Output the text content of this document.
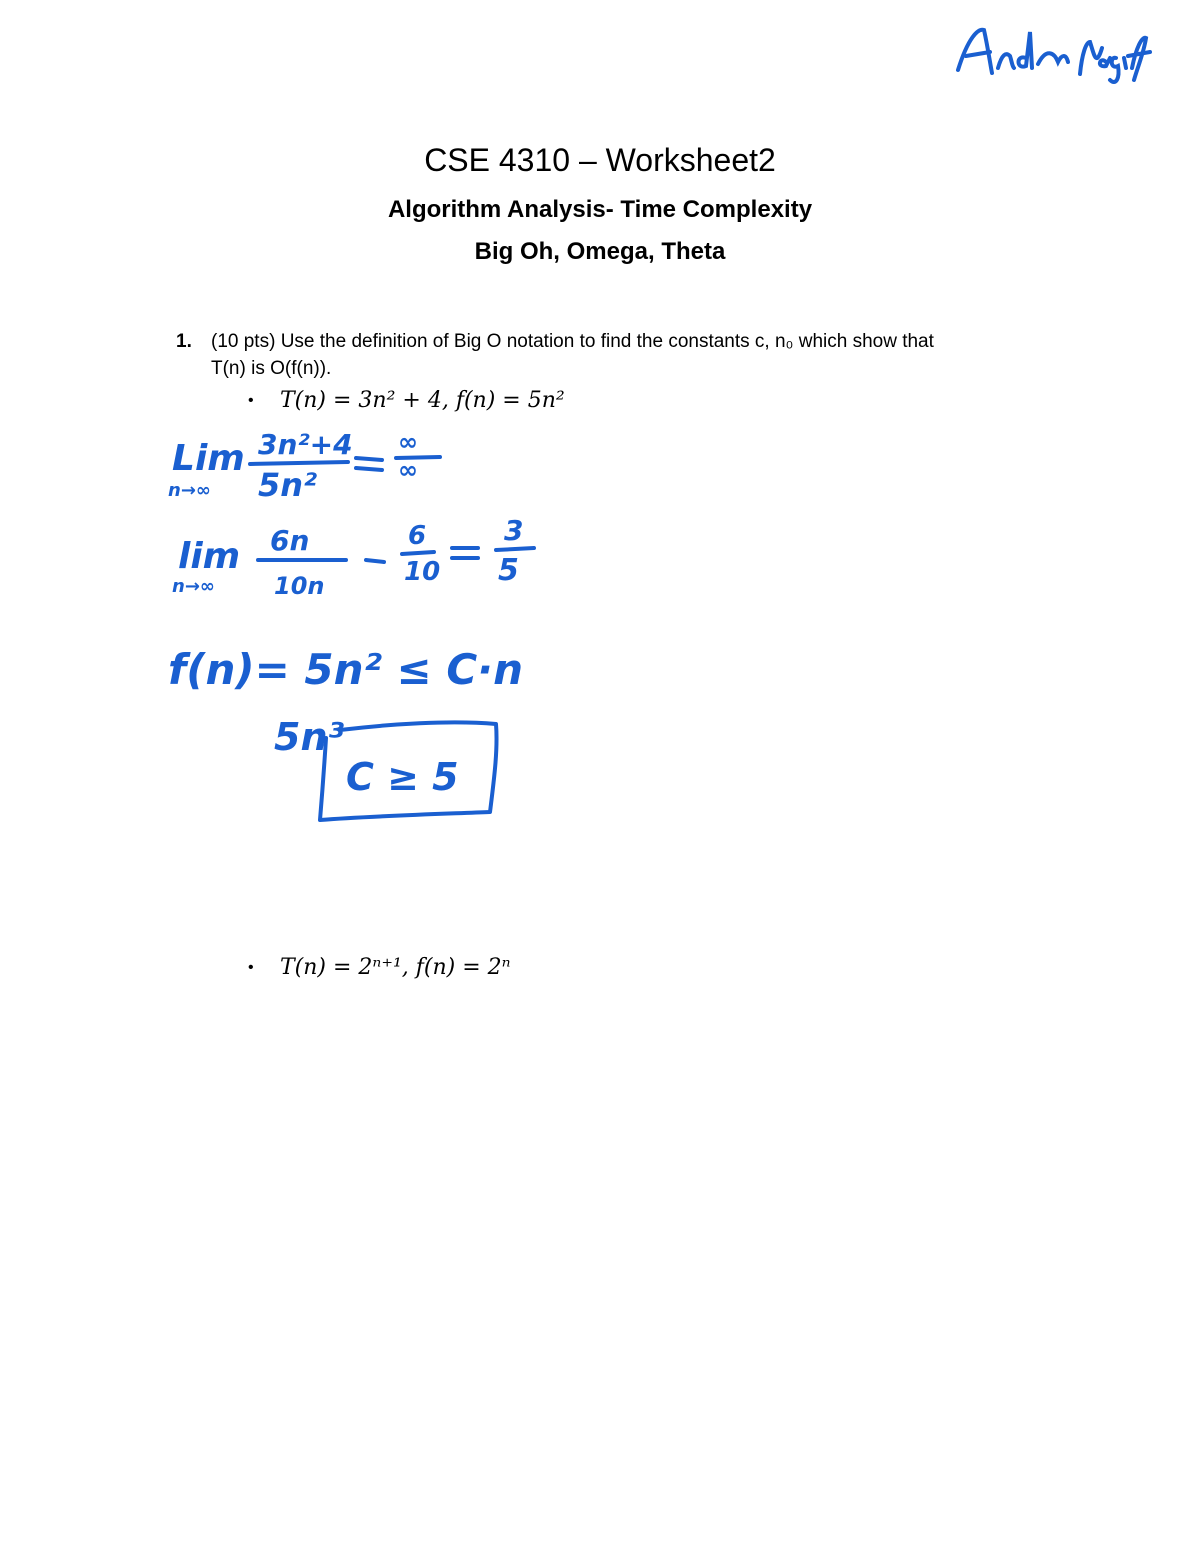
CSE 4310 – Worksheet2
Algorithm Analysis- Time Complexity
Big Oh, Omega, Theta
1. (10 pts) Use the definition of Big O notation to find the constants c, n₀ which show that
T(n) is O(f(n)).
• T(n) = 3n² + 4, f(n) = 5n²
Lim
n→∞
3n²+4
5n²
∞
∞
lim
n→∞
6n
10n
6
10
3
5
f(n)= 5n² ≤ C·n
5n³
C ≥ 5
• T(n) = 2ⁿ⁺¹, f(n) = 2ⁿ
